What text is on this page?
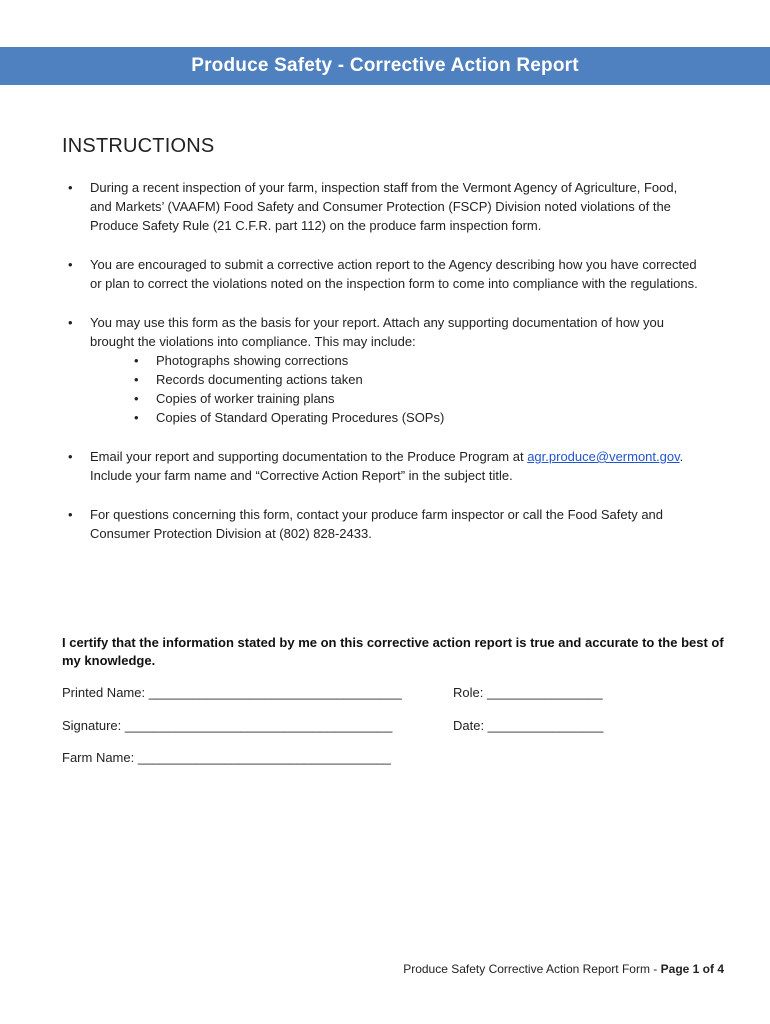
Produce Safety - Corrective Action Report
INSTRUCTIONS
• During a recent inspection of your farm, inspection staff from the Vermont Agency of Agriculture, Food, and Markets’ (VAAFM) Food Safety and Consumer Protection (FSCP) Division noted violations of the Produce Safety Rule (21 C.F.R. part 112) on the produce farm inspection form.
• You are encouraged to submit a corrective action report to the Agency describing how you have corrected or plan to correct the violations noted on the inspection form to come into compliance with the regulations.
• You may use this form as the basis for your report. Attach any supporting documentation of how you brought the violations into compliance. This may include:
• Photographs showing corrections
• Records documenting actions taken
• Copies of worker training plans
• Copies of Standard Operating Procedures (SOPs)
• Email your report and supporting documentation to the Produce Program at agr.produce@vermont.gov. Include your farm name and “Corrective Action Report” in the subject title.
• For questions concerning this form, contact your produce farm inspector or call the Food Safety and Consumer Protection Division at (802) 828-2433.
I certify that the information stated by me on this corrective action report is true and accurate to the best of my knowledge.
Printed Name: ___________________________________	Role: ________________
Signature: _____________________________________	Date: ________________
Farm Name: ___________________________________
Produce Safety Corrective Action Report Form - Page 1 of 4
